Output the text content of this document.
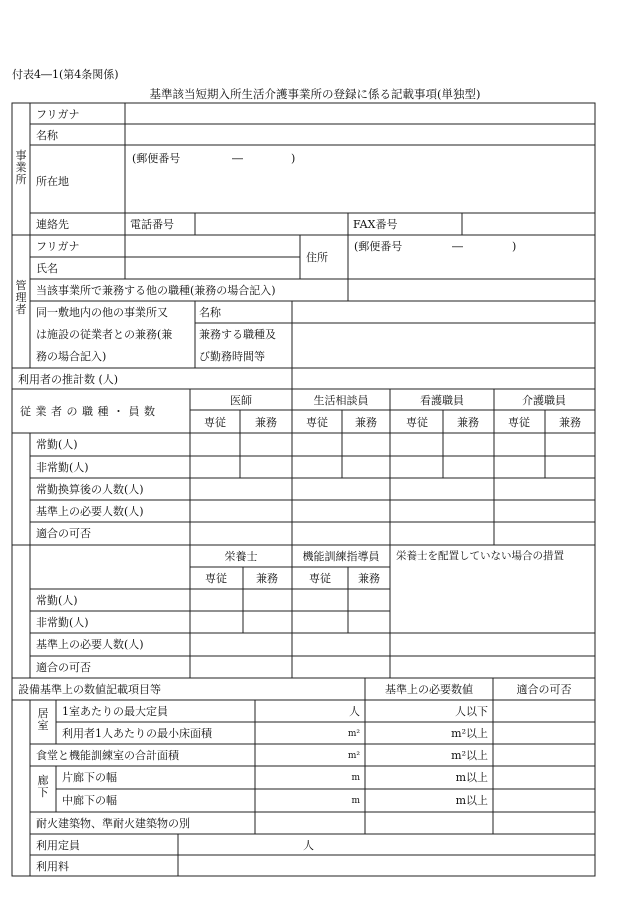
付表4―1(第4条関係)
基準該当短期入所生活介護事業所の登録に係る記載事項(単独型)
事
業
所
フリガナ
名称
所在地
(郵便番号	―	)
連絡先	電話番号	FAX番号
管
理
者
フリガナ
氏名
住所
(郵便番号	―	)
当該事業所で兼務する他の職種(兼務の場合記入)
同一敷地内の他の事業所又
は施設の従業者との兼務(兼
務の場合記入)
名称
兼務する職種及
び勤務時間等
利用者の推計数 (人)
従 業 者 の 職 種 ・ 員 数
医師	生活相談員	看護職員	介護職員
専従	兼務	専従 兼務	専従	兼務	専従	兼務
常勤(人)
非常勤(人)
常勤換算後の人数(人)
基準上の必要人数(人)
適合の可否
栄養士	機能訓練指導員 栄養士を配置していない場合の措置
専従	兼務	専従 兼務
常勤(人)
非常勤(人)
基準上の必要人数(人)
適合の可否
設備基準上の数値記載項目等	基準上の必要数値	適合の可否
居
室
廊
下
1室あたりの最大定員	人	人以下
利用者1人あたりの最小床面積	m²	m²以上
食堂と機能訓練室の合計面積	m²	m²以上
片廊下の幅	m	m以上
中廊下の幅	m	m以上
耐火建築物、準耐火建築物の別
利用定員	人
利用料
